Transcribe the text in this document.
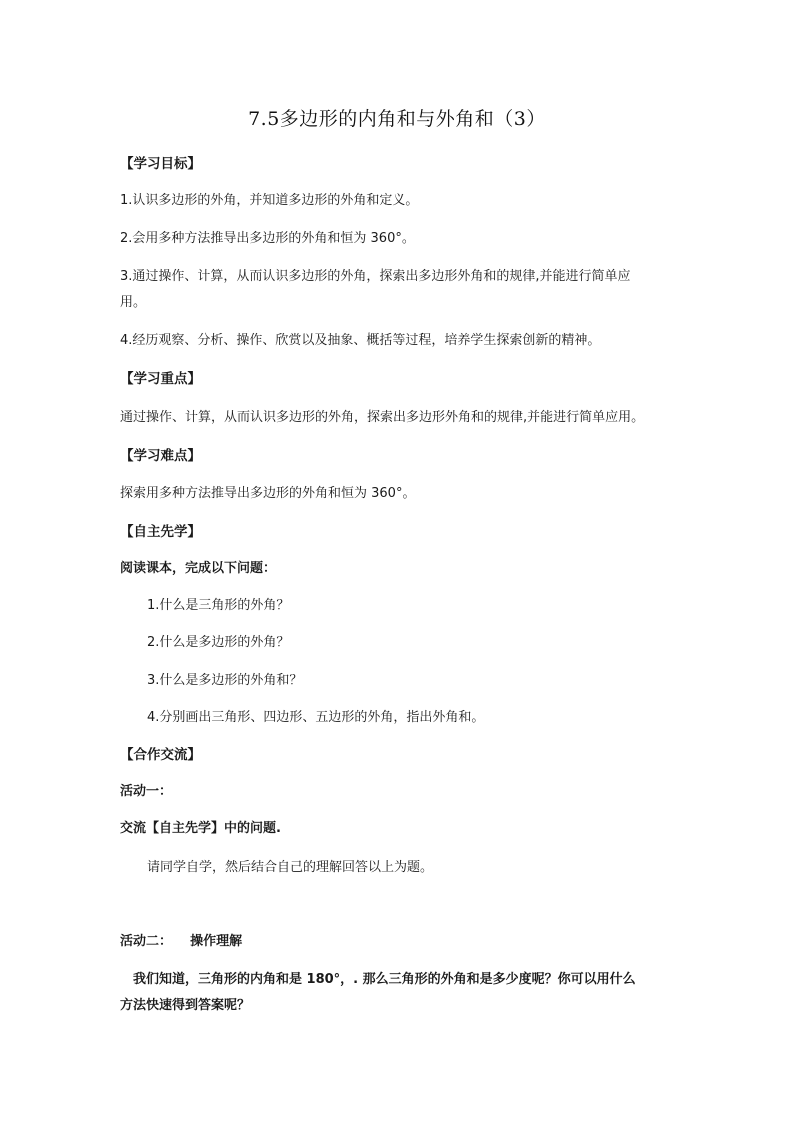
7.5多边形的内角和与外角和（3）
【学习目标】
1.认识多边形的外角，并知道多边形的外角和定义。
2.会用多种方法推导出多边形的外角和恒为 360°。
3.通过操作、计算，从而认识多边形的外角，探索出多边形外角和的规律,并能进行简单应
用。
4.经历观察、分析、操作、欣赏以及抽象、概括等过程，培养学生探索创新的精神。
【学习重点】
通过操作、计算，从而认识多边形的外角，探索出多边形外角和的规律,并能进行简单应用。
【学习难点】
探索用多种方法推导出多边形的外角和恒为 360°。
【自主先学】
阅读课本，完成以下问题：
1.什么是三角形的外角？
2.什么是多边形的外角？
3.什么是多边形的外角和？
4.分别画出三角形、四边形、五边形的外角，指出外角和。
【合作交流】
活动一：
交流【自主先学】中的问题.
请同学自学，然后结合自己的理解回答以上为题。
活动二：    操作理解
我们知道，三角形的内角和是 180°，. 那么三角形的外角和是多少度呢？你可以用什么
方法快速得到答案呢？
